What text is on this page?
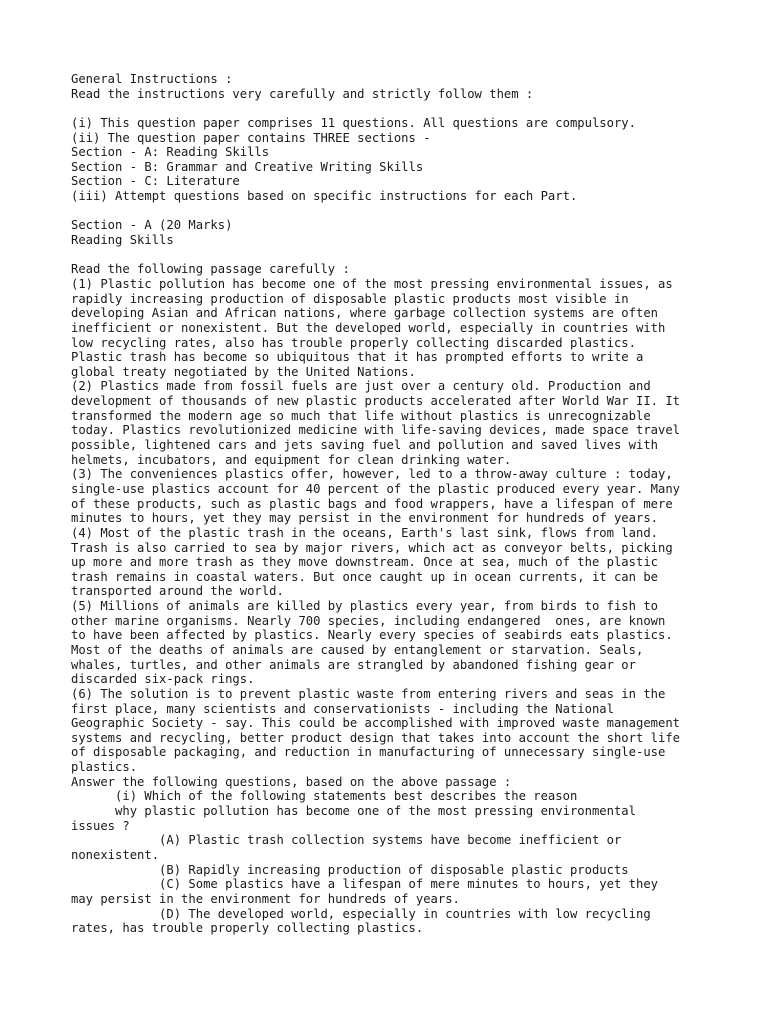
General Instructions :
Read the instructions very carefully and strictly follow them :
(i) This question paper comprises 11 questions. All questions are compulsory.
(ii) The question paper contains THREE sections -
Section - A: Reading Skills
Section - B: Grammar and Creative Writing Skills
Section - C: Literature
(iii) Attempt questions based on specific instructions for each Part.
Section - A (20 Marks)
Reading Skills
Read the following passage carefully :
(1) Plastic pollution has become one of the most pressing environmental issues, as
rapidly increasing production of disposable plastic products most visible in
developing Asian and African nations, where garbage collection systems are often
inefficient or nonexistent. But the developed world, especially in countries with
low recycling rates, also has trouble properly collecting discarded plastics.
Plastic trash has become so ubiquitous that it has prompted efforts to write a
global treaty negotiated by the United Nations.
(2) Plastics made from fossil fuels are just over a century old. Production and
development of thousands of new plastic products accelerated after World War II. It
transformed the modern age so much that life without plastics is unrecognizable
today. Plastics revolutionized medicine with life-saving devices, made space travel
possible, lightened cars and jets saving fuel and pollution and saved lives with
helmets, incubators, and equipment for clean drinking water.
(3) The conveniences plastics offer, however, led to a throw-away culture : today,
single-use plastics account for 40 percent of the plastic produced every year. Many
of these products, such as plastic bags and food wrappers, have a lifespan of mere
minutes to hours, yet they may persist in the environment for hundreds of years.
(4) Most of the plastic trash in the oceans, Earth's last sink, flows from land.
Trash is also carried to sea by major rivers, which act as conveyor belts, picking
up more and more trash as they move downstream. Once at sea, much of the plastic
trash remains in coastal waters. But once caught up in ocean currents, it can be
transported around the world.
(5) Millions of animals are killed by plastics every year, from birds to fish to
other marine organisms. Nearly 700 species, including endangered  ones, are known
to have been affected by plastics. Nearly every species of seabirds eats plastics.
Most of the deaths of animals are caused by entanglement or starvation. Seals,
whales, turtles, and other animals are strangled by abandoned fishing gear or
discarded six-pack rings.
(6) The solution is to prevent plastic waste from entering rivers and seas in the
first place, many scientists and conservationists - including the National
Geographic Society - say. This could be accomplished with improved waste management
systems and recycling, better product design that takes into account the short life
of disposable packaging, and reduction in manufacturing of unnecessary single-use
plastics.
Answer the following questions, based on the above passage :
(i) Which of the following statements best describes the reason
why plastic pollution has become one of the most pressing environmental
issues ?
(A) Plastic trash collection systems have become inefficient or
nonexistent.
(B) Rapidly increasing production of disposable plastic products
(C) Some plastics have a lifespan of mere minutes to hours, yet they
may persist in the environment for hundreds of years.
(D) The developed world, especially in countries with low recycling
rates, has trouble properly collecting plastics.
